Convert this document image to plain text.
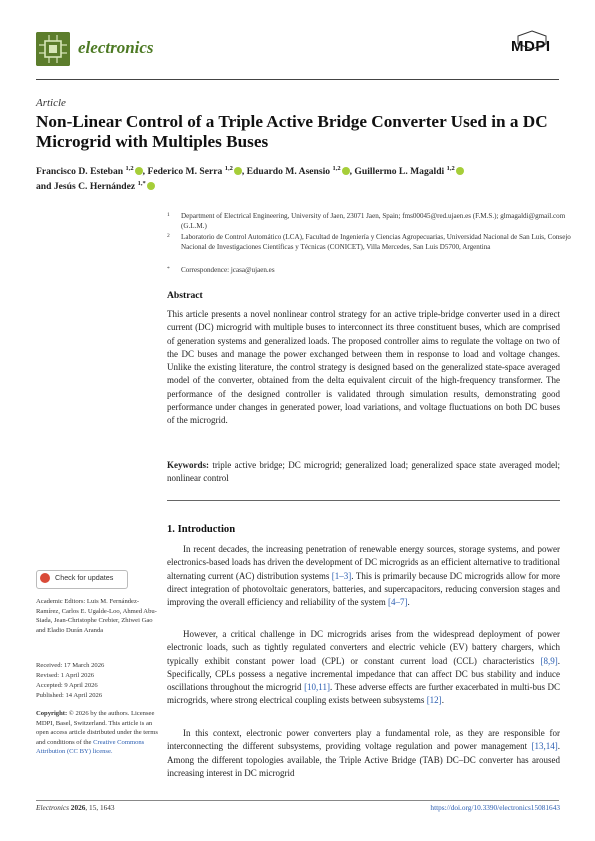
electronics	MDPI
Article
Non-Linear Control of a Triple Active Bridge Converter Used in a DC Microgrid with Multiples Buses
Francisco D. Esteban $^{1,2}$ , Federico M. Serra $^{1,2}$ , Eduardo M. Asensio $^{1,2}$ , Guillermo L. Magaldi $^{1,2}$
and Jesús C. Hernández $^{1,*}$
1 Department of Electrical Engineering, University of Jaen, 23071 Jaen, Spain; fms00045@red.ujaen.es (F.M.S.); glmagaldi@gmail.com (G.L.M.)
2 Laboratorio de Control Automático (LCA), Facultad de Ingeniería y Ciencias Agropecuarias, Universidad Nacional de San Luis, Consejo Nacional de Investigaciones Científicas y Técnicas (CONICET), Villa Mercedes, San Luis D5700, Argentina
* Correspondence: jcasa@ujaen.es
Abstract
This article presents a novel nonlinear control strategy for an active triple-bridge converter used in a direct current (DC) microgrid with multiple buses to interconnect its three constituent buses, which are comprised of generation systems and generalized loads. The proposed controller aims to regulate the voltage on two of the DC buses and manage the power exchanged between them in response to load and voltage changes. Unlike the existing literature, the control strategy is designed based on the generalized state-space averaged model of the converter, obtained from the delta equivalent circuit of the high-frequency transformer. The performance of the designed controller is validated through simulation results, demonstrating good performance under changes in generated power, load variations, and voltage fluctuations on both DC buses of the microgrid.
Keywords: triple active bridge; DC microgrid; generalized load; generalized space state averaged model; nonlinear control
1. Introduction
In recent decades, the increasing penetration of renewable energy sources, storage systems, and power electronics-based loads has driven the development of DC microgrids as an efficient alternative to traditional alternating current (AC) distribution systems [1–3]. This is primarily because DC microgrids allow for more direct integration of photovoltaic generators, batteries, and supercapacitors, reducing conversion stages and improving the overall efficiency and reliability of the system [4–7].
However, a critical challenge in DC microgrids arises from the widespread deployment of power electronic loads, such as tightly regulated converters and electric vehicle (EV) battery chargers, which typically exhibit constant power load (CPL) or constant current load (CCL) characteristics [8,9]. Specifically, CPLs possess a negative incremental impedance that can affect DC bus stability and induce oscillations throughout the microgrid [10,11]. These adverse effects are further exacerbated in multi-bus DC microgrids, where strong electrical coupling exists between subsystems [12].
In this context, electronic power converters play a fundamental role, as they are responsible for interconnecting the different subsystems, providing voltage regulation and power management [13,14]. Among the different topologies available, the Triple Active Bridge (TAB) DC–DC converter has aroused increasing interest in DC microgrid
Check for updates
Academic Editors: Luis M. Fernández-Ramírez, Carlos E. Ugalde-Loo, Ahmed Abu-Siada, Jean-Christophe Crebier, Zhiwei Gao and Eladio Durán Aranda
Received: 17 March 2026
Revised: 1 April 2026
Accepted: 9 April 2026
Published: 14 April 2026
Copyright: © 2026 by the authors. Licensee MDPI, Basel, Switzerland. This article is an open access article distributed under the terms and conditions of the Creative Commons Attribution (CC BY) license.
Electronics 2026, 15, 1643	https://doi.org/10.3390/electronics15081643
